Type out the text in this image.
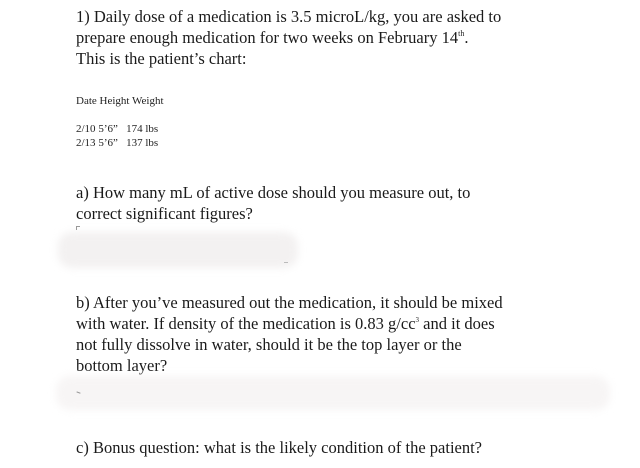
1) Daily dose of a medication is 3.5 microL/kg, you are asked to

prepare enough medication for two weeks on February 14th.

This is the patient’s chart:

Date Height Weight

2/10 5’6” 174 lbs

2/13 5’6” 137 lbs

a) How many mL of active dose should you measure out, to

correct significant figures?

b) After you’ve measured out the medication, it should be mixed

with water. If density of the medication is 0.83 $g/cc^3$ and it does

not fully dissolve in water, should it be the top layer or the

bottom layer?

c) Bonus question: what is the likely condition of the patient?
